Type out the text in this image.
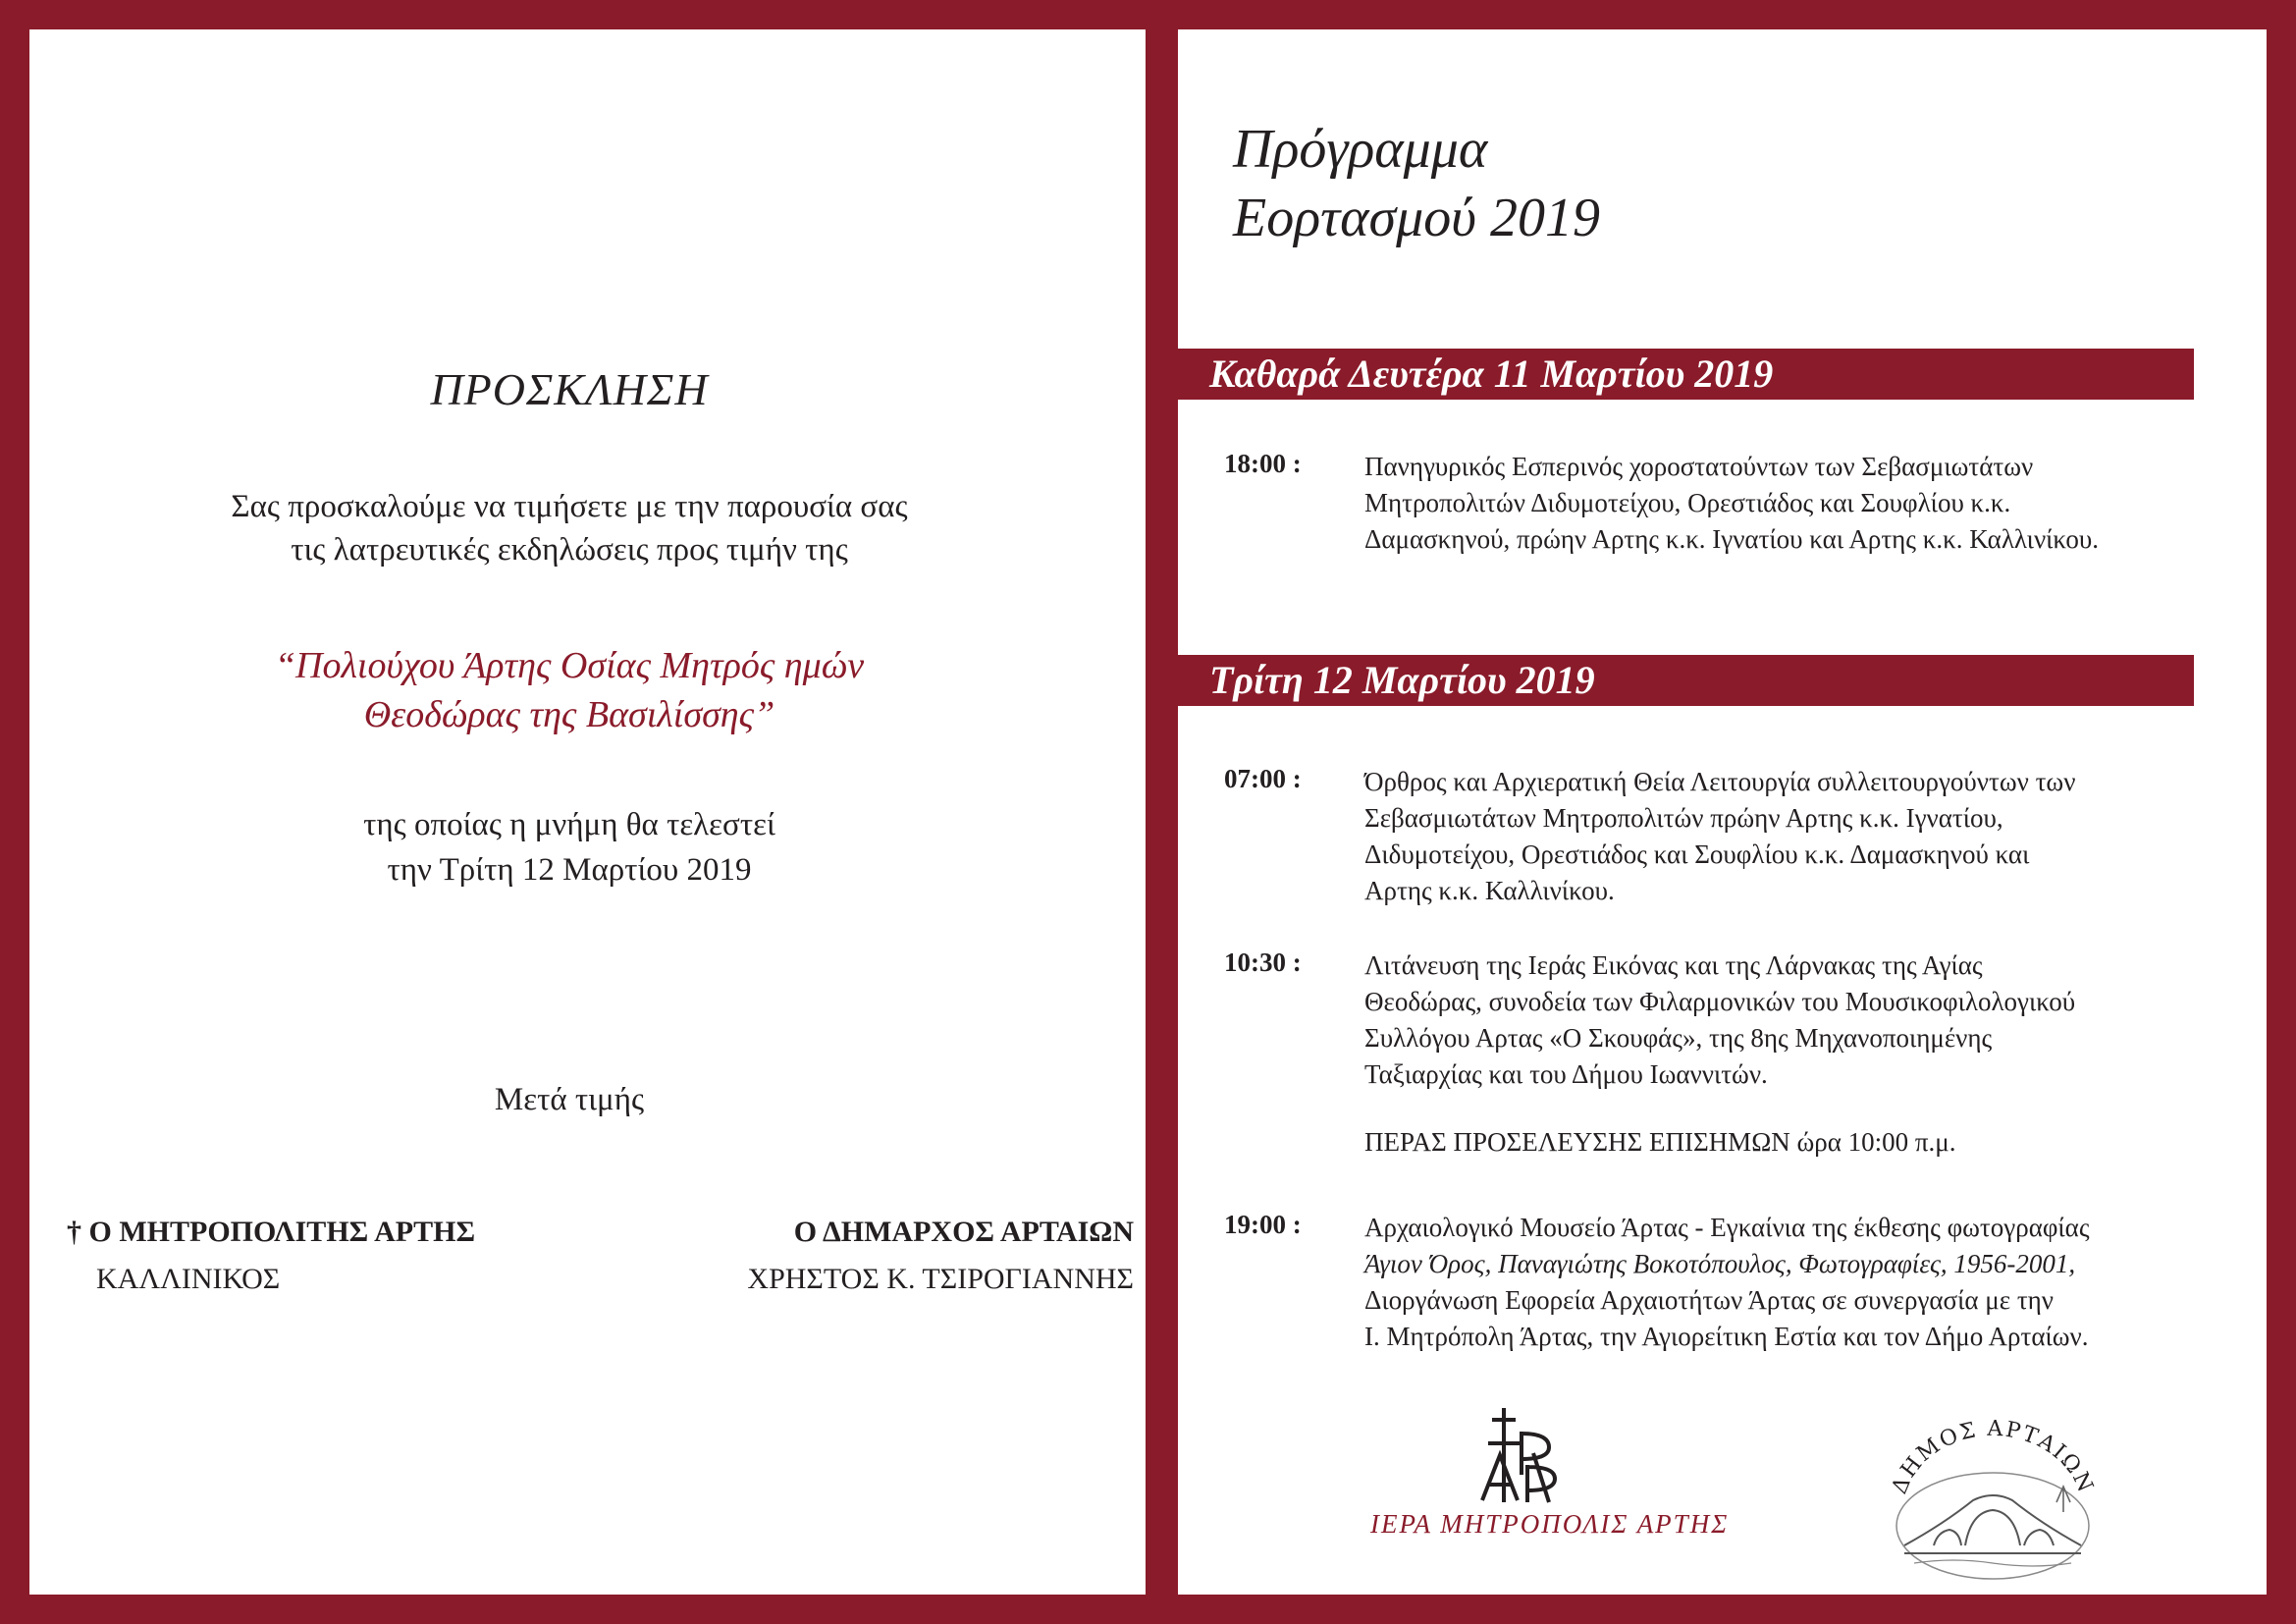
ΠΡΟΣΚΛΗΣΗ
Σας προσκαλούμε να τιμήσετε με την παρουσία σας
τις λατρευτικές εκδηλώσεις προς τιμήν της
“Πολιούχου Άρτης Οσίας Μητρός ημών
Θεοδώρας της Βασιλίσσης”
της οποίας η μνήμη θα τελεστεί
την Τρίτη 12 Μαρτίου 2019
Μετά τιμής
† Ο ΜΗΤΡΟΠΟΛΙΤΗΣ ΑΡΤΗΣ
ΚΑΛΛΙΝΙΚΟΣ
Ο ΔΗΜΑΡΧΟΣ ΑΡΤΑΙΩΝ
ΧΡΗΣΤΟΣ Κ. ΤΣΙΡΟΓΙΑΝΝΗΣ
Πρόγραμμα
Εορτασμού 2019
Καθαρά Δευτέρα 11 Μαρτίου 2019
18:00 : Πανηγυρικός Εσπερινός χοροστατούντων των Σεβασμιωτάτων
Μητροπολιτών Διδυμοτείχου, Ορεστιάδος και Σουφλίου κ.κ.
Δαμασκηνού, πρώην Αρτης κ.κ. Ιγνατίου και Αρτης κ.κ. Καλλινίκου.
Τρίτη 12 Μαρτίου 2019
07:00 : Όρθρος και Αρχιερατική Θεία Λειτουργία συλλειτουργούντων των
Σεβασμιωτάτων Μητροπολιτών πρώην Αρτης κ.κ. Ιγνατίου,
Διδυμοτείχου, Ορεστιάδος και Σουφλίου κ.κ. Δαμασκηνού και
Αρτης κ.κ. Καλλινίκου.
10:30 : Λιτάνευση της Ιεράς Εικόνας και της Λάρνακας της Αγίας
Θεοδώρας, συνοδεία των Φιλαρμονικών του Μουσικοφιλολογικού
Συλλόγου Αρτας «Ο Σκουφάς», της 8ης Μηχανοποιημένης
Ταξιαρχίας και του Δήμου Ιωαννιτών.
ΠΕΡΑΣ ΠΡΟΣΕΛΕΥΣΗΣ ΕΠΙΣΗΜΩΝ ώρα 10:00 π.μ.
19:00 : Αρχαιολογικό Μουσείο Άρτας - Εγκαίνια της έκθεσης φωτογραφίας
Άγιον Όρος, Παναγιώτης Βοκοτόπουλος, Φωτογραφίες, 1956-2001,
Διοργάνωση Εφορεία Αρχαιοτήτων Άρτας σε συνεργασία με την
Ι. Μητρόπολη Άρτας, την Αγιορείτικη Εστία και τον Δήμο Αρταίων.
ΙΕΡΑ ΜΗΤΡΟΠΟΛΙΣ ΑΡΤΗΣ
ΔΗΜΟΣ ΑΡΤΑΙΩΝ
